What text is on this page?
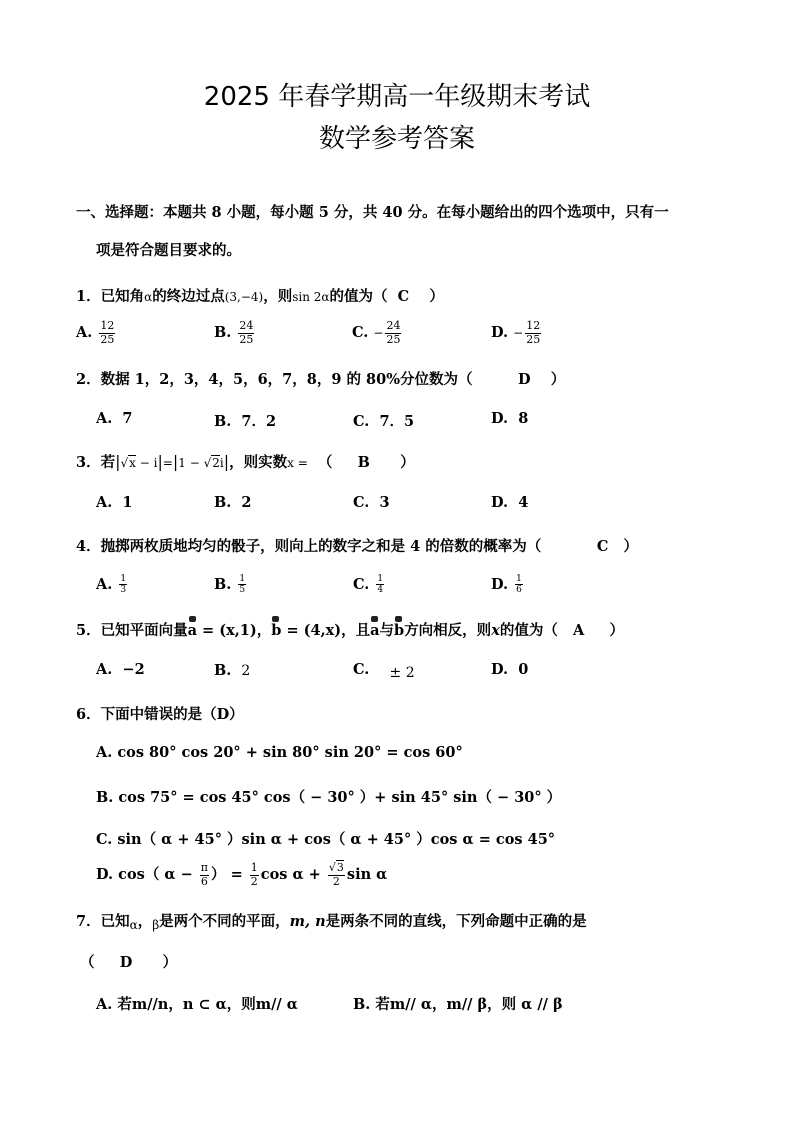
2025 年春学期高一年级期末考试
数学参考答案
一、选择题：本题共 8 小题，每小题 5 分，共 40 分。在每小题给出的四个选项中，只有一
项是符合题目要求的。
1．已知角α的终边过点(3,−4)，则sin 2α的值为（ C ）
A. $\frac{12}{25}$	B. $\frac{24}{25}$	C. − $\frac{24}{25}$	D. − $\frac{12}{25}$
2．数据 1，2，3，4，5，6，7，8，9 的 80%分位数为（	D ）
A. 7	B. 7．2	C. 7．5	D. 8
3．若|√x − i|=|1 − √2i|，则实数x = （ B ）
A. 1	B. 2	C. 3	D. 4
4．抛掷两枚质地均匀的骰子，则向上的数字之和是 4 的倍数的概率为（	C ）
A. $\frac{1}{3}$	B. $\frac{1}{5}$	C. $\frac{1}{4}$	D. $\frac{1}{6}$
5．已知平面向量a = (x,1)，b = (4,x)，且a与b方向相反，则x的值为（ A ）
A. −2	B. 2	C. ± 2	D. 0
6．下面中错误的是（D）
A. cos 80° cos 20° + sin 80° sin 20° = cos 60°
B. cos 75° = cos 45° cos（ − 30° ）+ sin 45° sin（ − 30° ）
C. sin（ α + 45° ）sin α + cos（ α + 45° ）cos α = cos 45°
D. cos（ $\alpha - \frac{\pi}{6}$ ） = $\frac{1}{2}$ $\cos \alpha + \frac{√3}{2}$ sin α
7．已知$_\alpha$，$_\beta$是两个不同的平面，m, n是两条不同的直线，下列命题中正确的是
（ D ）
A. 若m//n，n ⊂ α，则m// α	B. 若m// α，m// β，则 α // β
